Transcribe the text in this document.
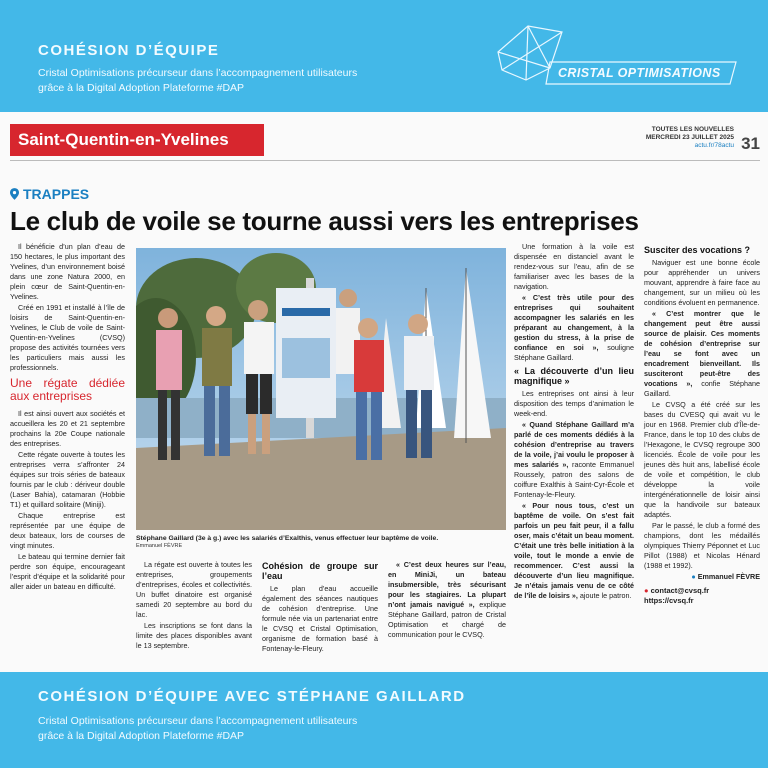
COHÉSION D’ÉQUIPE
Cristal Optimisations précurseur dans l’accompagnement utilisateurs
grâce à la Digital Adoption Plateforme #DAP
CRISTAL OPTIMISATIONS
Saint-Quentin-en-Yvelines
TOUTES LES NOUVELLES
MERCREDI 23 JUILLET 2025
actu.fr/78actu 31
TRAPPES
Le club de voile se tourne aussi vers les entreprises

Il bénéficie d’un plan d’eau de 150 hectares, le plus important des Yvelines, d’un environnement boisé dans une zone Natura 2000, en plein cœur de Saint-Quentin-en-Yvelines.

Créé en 1991 et installé à l’île de loisirs de Saint-Quentin-en-Yvelines, le Club de voile de Saint-Quentin-en-Yvelines (CVSQ) propose des activités tournées vers les particuliers mais aussi les professionnels.

Une régate dédiée aux entreprises

Il est ainsi ouvert aux sociétés et accueillera les 20 et 21 septembre prochains la 20e Coupe nationale des entreprises.

Cette régate ouverte à toutes les entreprises verra s’affronter 24 équipes sur trois séries de bateaux fournis par le club : dériveur double (Laser Bahia), catamaran (Hobbie T1) et quillard solitaire (Miniji).

Chaque entreprise est représentée par une équipe de deux bateaux, lors de courses de vingt minutes.

Le bateau qui termine dernier fait perdre son équipe, encourageant l’esprit d’équipe et la solidarité pour aller aider un bateau en difficulté.

Stéphane Gaillard (3e à g.) avec les salariés d’Exalthis, venus effectuer leur baptême de voile.
Emmanuel FÈVRE

La régate est ouverte à toutes les entreprises, groupements d’entreprises, écoles et collectivités. Un buffet dinatoire est organisé samedi 20 septembre au bord du lac.

Les inscriptions se font dans la limite des places disponibles avant le 13 septembre.

Cohésion de groupe sur l’eau

Le plan d’eau accueille également des séances nautiques de cohésion d’entreprise. Une formule née via un partenariat entre le CVSQ et Cristal Optimisation, organisme de formation basé à Fontenay-le-Fleury.

« C’est deux heures sur l’eau, en MiniJi, un bateau insubmersible, très sécurisant pour les stagiaires. La plupart n’ont jamais navigué », explique Stéphane Gaillard, patron de Cristal Optimisation et chargé de communication pour le CVSQ.

Une formation à la voile est dispensée en distanciel avant le rendez-vous sur l’eau, afin de se familiariser avec les bases de la navigation.

« C’est très utile pour des entreprises qui souhaitent accompagner les salariés en les préparant au changement, à la gestion du stress, à la prise de confiance en soi », souligne Stéphane Gaillard.

« La découverte d’un lieu magnifique »

Les entreprises ont ainsi à leur disposition des temps d’animation le week-end.

« Quand Stéphane Gaillard m’a parlé de ces moments dédiés à la cohésion d’entreprise au travers de la voile, j’ai voulu le proposer à mes salariés », raconte Emmanuel Roussely, patron des salons de coiffure Exalthis à Saint-Cyr-École et Fontenay-le-Fleury.

« Pour nous tous, c’est un baptême de voile. On s’est fait parfois un peu fait peur, il a fallu oser, mais c’était un beau moment. C’était une très belle initiation à la voile, tout le monde a envie de recommencer. C’est aussi la découverte d’un lieu magnifique. Je n’étais jamais venu de ce côté de l’île de loisirs », ajoute le patron.

Susciter des vocations ?

Naviguer est une bonne école pour appréhender un univers mouvant, apprendre à faire face au changement, sur un milieu où les conditions évoluent en permanence.

« C’est montrer que le changement peut être aussi source de plaisir. Ces moments de cohésion d’entreprise sur l’eau se font avec un encadrement bienveillant. Ils susciteront peut-être des vocations », confie Stéphane Gaillard.

Le CVSQ a été créé sur les bases du CVESQ qui avait vu le jour en 1968. Premier club d’Île-de-France, dans le top 10 des clubs de l’Hexagone, le CVSQ regroupe 300 licenciés. École de voile pour les jeunes dès huit ans, labellisé école de voile et compétition, le club développe la voile intergénérationnelle de loisir ainsi que la handivoile sur bateaux adaptés.

Par le passé, le club a formé des champions, dont les médaillés olympiques Thierry Péponnet et Luc Pillot (1988) et Nicolas Hénard (1988 et 1992).

● Emmanuel FÈVRE
● contact@cvsq.fr
https://cvsq.fr
COHÉSION D’ÉQUIPE AVEC STÉPHANE GAILLARD
Cristal Optimisations précurseur dans l’accompagnement utilisateurs
grâce à la Digital Adoption Plateforme #DAP
